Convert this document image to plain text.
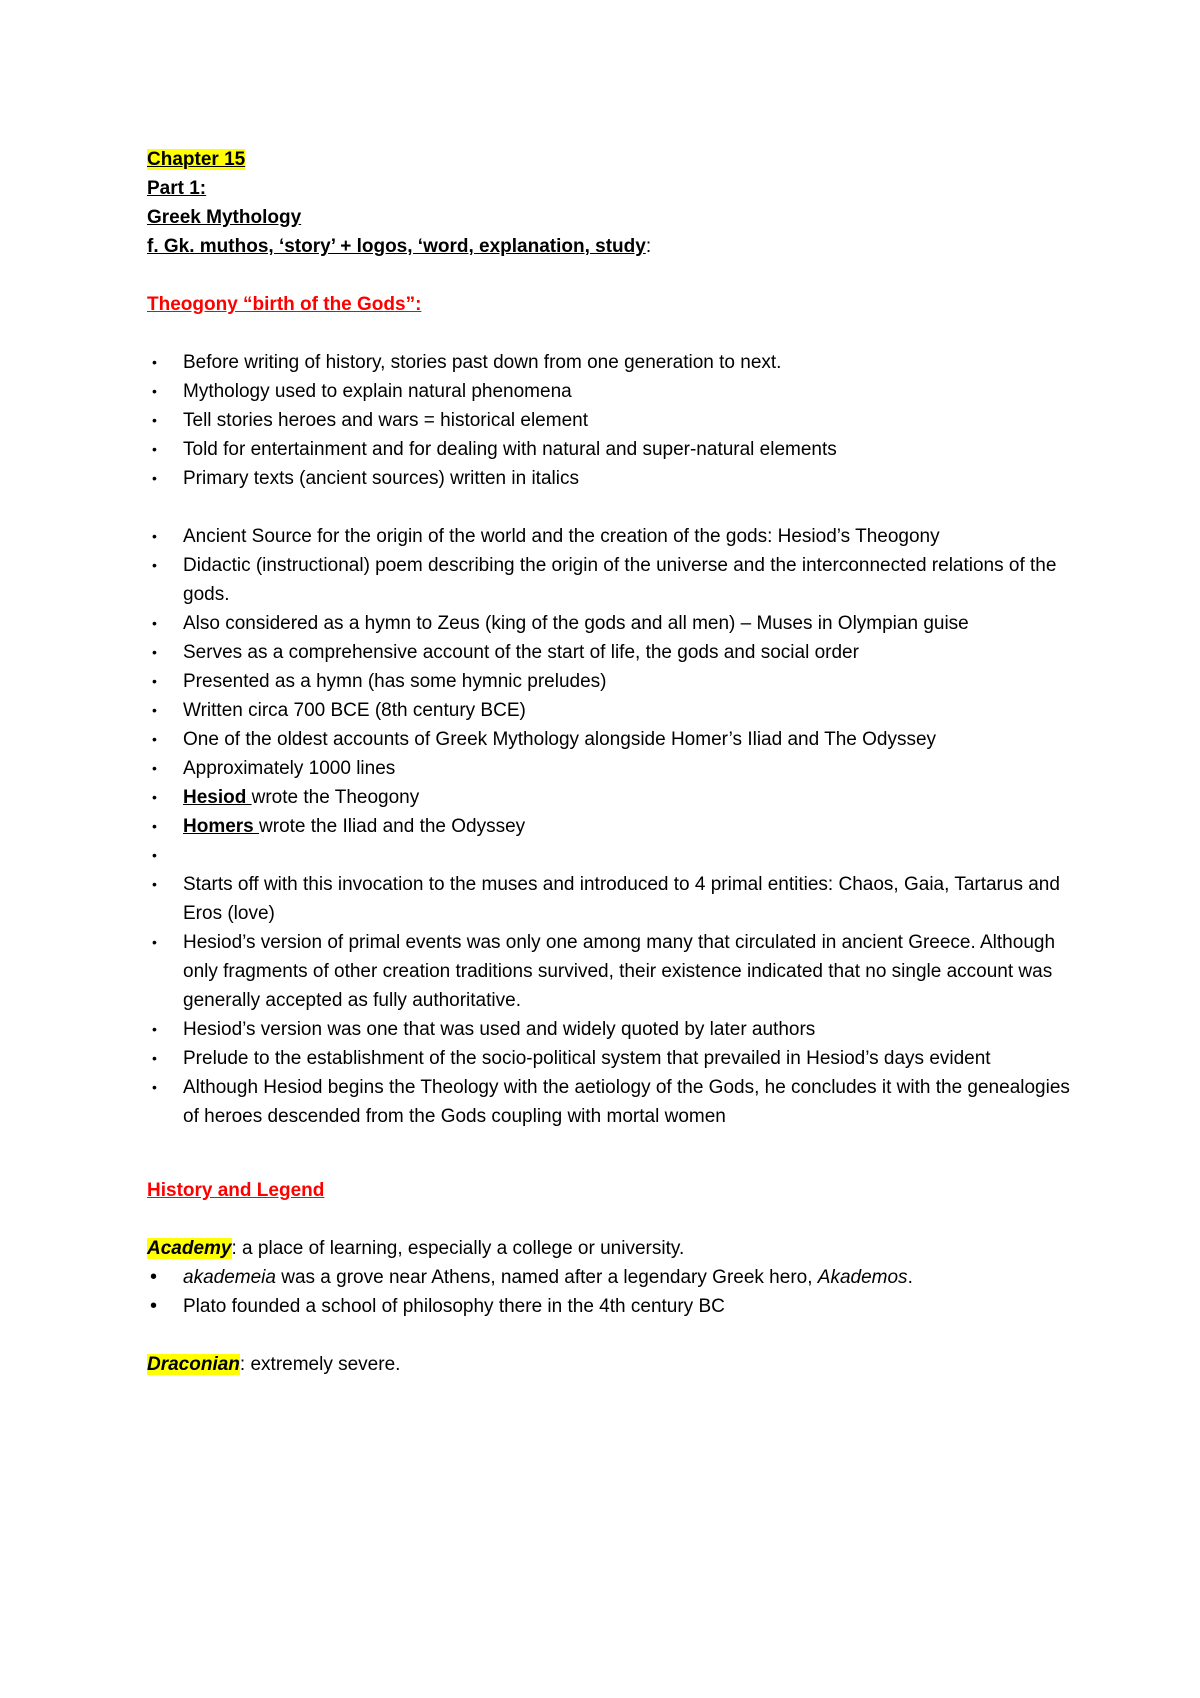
Chapter 15
Part 1:
Greek Mythology
f. Gk. muthos, ‘story’ + logos, ‘word, explanation, study:
Theogony “birth of the Gods”:
• Before writing of history, stories past down from one generation to next.
• Mythology used to explain natural phenomena
• Tell stories heroes and wars = historical element
• Told for entertainment and for dealing with natural and super-natural elements
• Primary texts (ancient sources) written in italics
• Ancient Source for the origin of the world and the creation of the gods: Hesiod’s Theogony
• Didactic (instructional) poem describing the origin of the universe and the interconnected relations of the gods.
• Also considered as a hymn to Zeus (king of the gods and all men) – Muses in Olympian guise
• Serves as a comprehensive account of the start of life, the gods and social order
• Presented as a hymn (has some hymnic preludes)
• Written circa 700 BCE (8th century BCE)
• One of the oldest accounts of Greek Mythology alongside Homer’s Iliad and The Odyssey
• Approximately 1000 lines
• Hesiod wrote the Theogony
• Homers wrote the Iliad and the Odyssey
•
• Starts off with this invocation to the muses and introduced to 4 primal entities: Chaos, Gaia, Tartarus and Eros (love)
• Hesiod’s version of primal events was only one among many that circulated in ancient Greece. Although only fragments of other creation traditions survived, their existence indicated that no single account was generally accepted as fully authoritative.
• Hesiod’s version was one that was used and widely quoted by later authors
• Prelude to the establishment of the socio-political system that prevailed in Hesiod’s days evident
• Although Hesiod begins the Theology with the aetiology of the Gods, he concludes it with the genealogies of heroes descended from the Gods coupling with mortal women
History and Legend
Academy: a place of learning, especially a college or university.
• akademeia was a grove near Athens, named after a legendary Greek hero, Akademos.
• Plato founded a school of philosophy there in the 4th century BC
Draconian: extremely severe.
